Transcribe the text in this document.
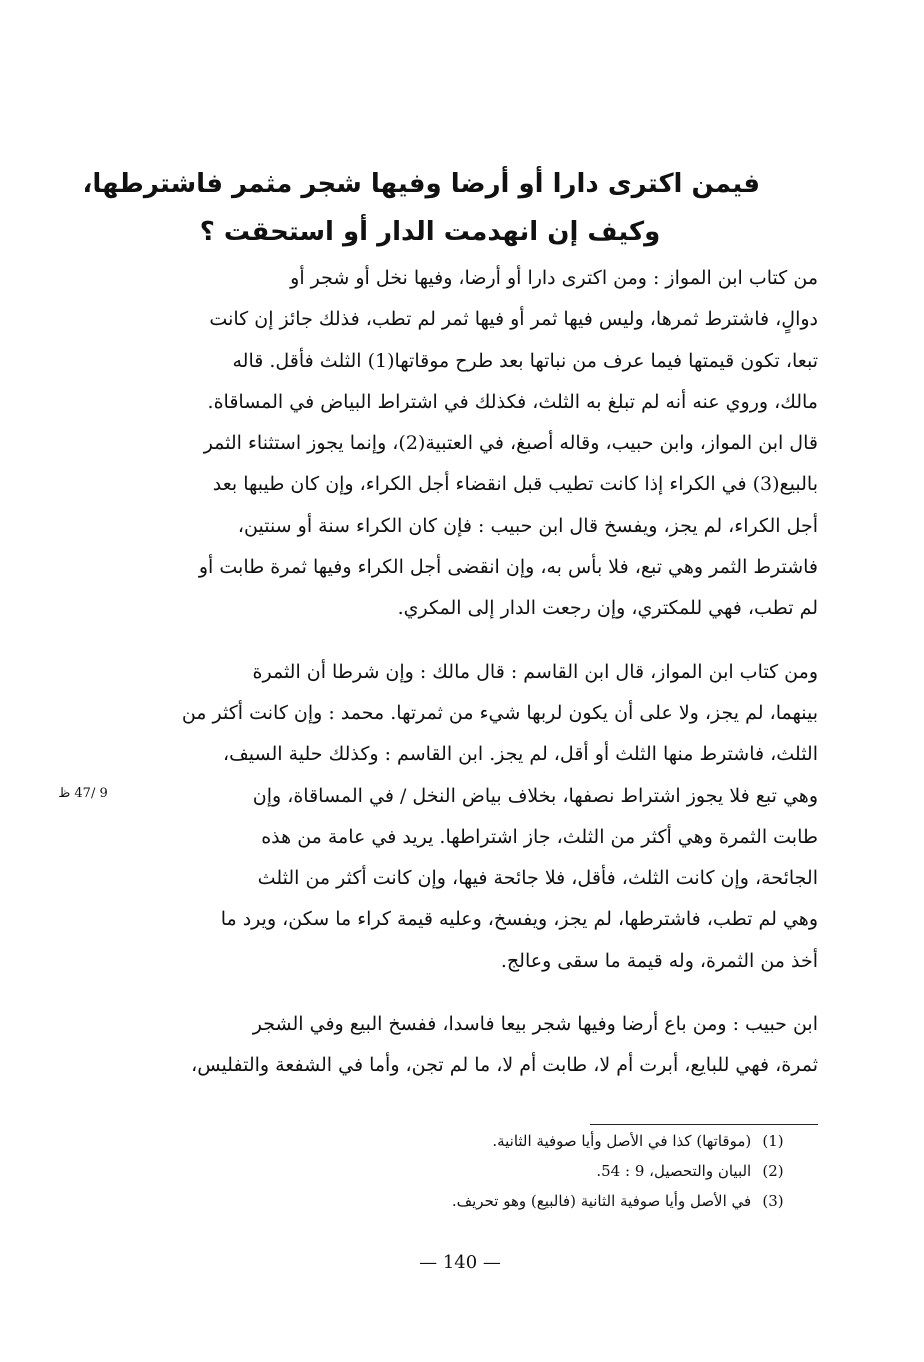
فيمن اكترى دارا أو أرضا وفيها شجر مثمر فاشترطها،
وكيف إن انهدمت الدار أو استحقت ؟
من كتاب ابن المواز : ومن اكترى دارا أو أرضا، وفيها نخل أو شجر أو
دوالٍ، فاشترط ثمرها، وليس فيها ثمر أو فيها ثمر لم تطب، فذلك جائز إن كانت
تبعا، تكون قيمتها فيما عرف من نباتها بعد طرح موقاتها(1) الثلث فأقل. قاله
مالك، وروي عنه أنه لم تبلغ به الثلث، فكذلك في اشتراط البياض في المساقاة.
قال ابن المواز، وابن حبيب، وقاله أصبغ، في العتبية(2)، وإنما يجوز استثناء الثمر
بالبيع(3) في الكراء إذا كانت تطيب قبل انقضاء أجل الكراء، وإن كان طيبها بعد
أجل الكراء، لم يجز، ويفسخ قال ابن حبيب : فإن كان الكراء سنة أو سنتين،
فاشترط الثمر وهي تبع، فلا بأس به، وإن انقضى أجل الكراء وفيها ثمرة طابت أو
لم تطب، فهي للمكتري، وإن رجعت الدار إلى المكري.
ومن كتاب ابن المواز، قال ابن القاسم : قال مالك : وإن شرطا أن الثمرة
بينهما، لم يجز، ولا على أن يكون لربها شيء من ثمرتها. محمد : وإن كانت أكثر من
الثلث، فاشترط منها الثلث أو أقل، لم يجز. ابن القاسم : وكذلك حلية السيف،
وهي تبع فلا يجوز اشتراط نصفها، بخلاف بياض النخل / في المساقاة، وإن
طابت الثمرة وهي أكثر من الثلث، جاز اشتراطها. يريد في عامة من هذه
الجائحة، وإن كانت الثلث، فأقل، فلا جائحة فيها، وإن كانت أكثر من الثلث
وهي لم تطب، فاشترطها، لم يجز، ويفسخ، وعليه قيمة كراء ما سكن، ويرد ما
أخذ من الثمرة، وله قيمة ما سقى وعالج.
ابن حبيب : ومن باع أرضا وفيها شجر بيعا فاسدا، ففسخ البيع وفي الشجر
ثمرة، فهي للبايع، أبرت أم لا، طابت أم لا، ما لم تجن، وأما في الشفعة والتفليس،
9 /47 ظ
(1) (موقاتها) كذا في الأصل وأيا صوفية الثانية.
(2) البيان والتحصيل، 9 : 54.
(3) في الأصل وأيا صوفية الثانية (فالبيع) وهو تحريف.
— 140 —
